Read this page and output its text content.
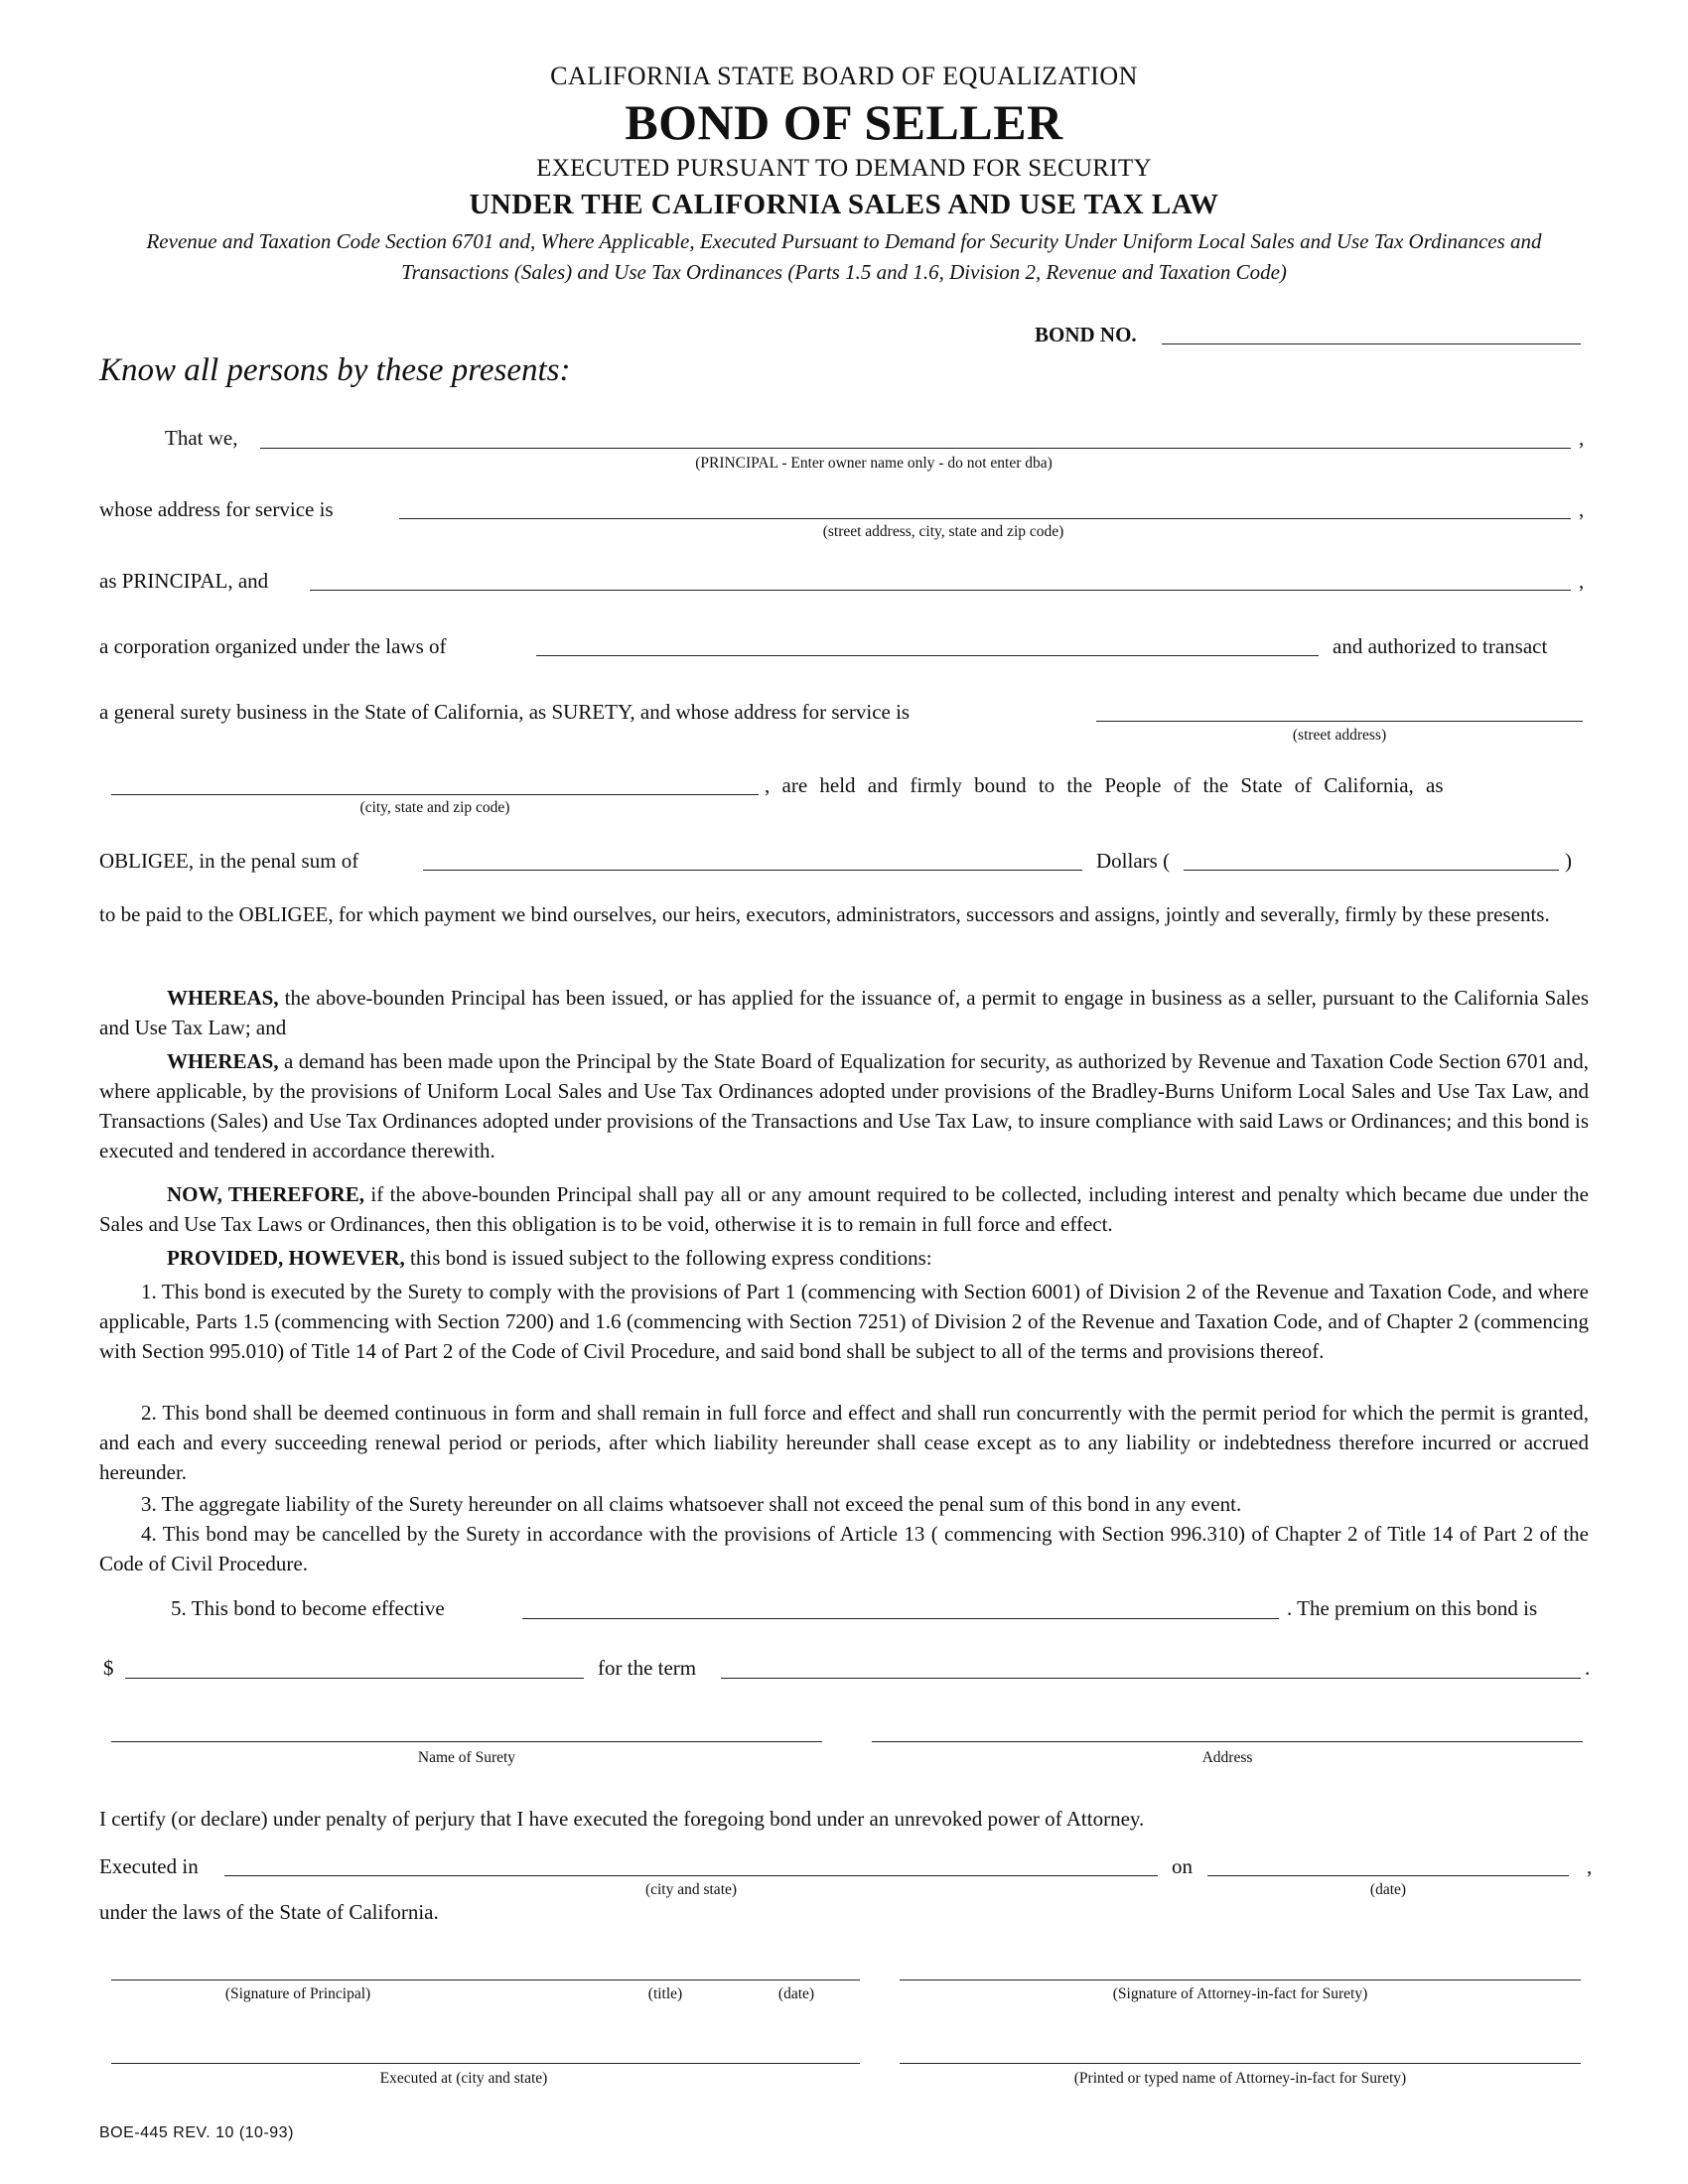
CALIFORNIA STATE BOARD OF EQUALIZATION
BOND OF SELLER
EXECUTED PURSUANT TO DEMAND FOR SECURITY
UNDER THE CALIFORNIA SALES AND USE TAX LAW
Revenue and Taxation Code Section 6701 and, Where Applicable, Executed Pursuant to Demand for Security Under Uniform Local Sales and Use Tax Ordinances and Transactions (Sales) and Use Tax Ordinances (Parts 1.5 and 1.6, Division 2, Revenue and Taxation Code)
BOND NO.
Know all persons by these presents:
That we,	,
(PRINCIPAL - Enter owner name only - do not enter dba)
whose address for service is	,
(street address, city, state and zip code)
as PRINCIPAL, and	,
a corporation organized under the laws of	and authorized to transact
a general surety business in the State of California, as SURETY, and whose address for service is
(street address)
, are held and firmly bound to the People of the State of California, as
(city, state and zip code)
OBLIGEE, in the penal sum of	Dollars (	)
to be paid to the OBLIGEE, for which payment we bind ourselves, our heirs, executors, administrators, successors and assigns, jointly and severally, firmly by these presents.
WHEREAS, the above-bounden Principal has been issued, or has applied for the issuance of, a permit to engage in business as a seller, pursuant to the California Sales and Use Tax Law; and
WHEREAS, a demand has been made upon the Principal by the State Board of Equalization for security, as authorized by Revenue and Taxation Code Section 6701 and, where applicable, by the provisions of Uniform Local Sales and Use Tax Ordinances adopted under provisions of the Bradley-Burns Uniform Local Sales and Use Tax Law, and Transactions (Sales) and Use Tax Ordinances adopted under provisions of the Transactions and Use Tax Law, to insure compliance with said Laws or Ordinances; and this bond is executed and tendered in accordance therewith.
NOW, THEREFORE, if the above-bounden Principal shall pay all or any amount required to be collected, including interest and penalty which became due under the Sales and Use Tax Laws or Ordinances, then this obligation is to be void, otherwise it is to remain in full force and effect.
PROVIDED, HOWEVER, this bond is issued subject to the following express conditions:
1. This bond is executed by the Surety to comply with the provisions of Part 1 (commencing with Section 6001) of Division 2 of the Revenue and Taxation Code, and where applicable, Parts 1.5 (commencing with Section 7200) and 1.6 (commencing with Section 7251) of Division 2 of the Revenue and Taxation Code, and of Chapter 2 (commencing with Section 995.010) of Title 14 of Part 2 of the Code of Civil Procedure, and said bond shall be subject to all of the terms and provisions thereof.
2. This bond shall be deemed continuous in form and shall remain in full force and effect and shall run concurrently with the permit period for which the permit is granted, and each and every succeeding renewal period or periods, after which liability hereunder shall cease except as to any liability or indebtedness therefore incurred or accrued hereunder.
3. The aggregate liability of the Surety hereunder on all claims whatsoever shall not exceed the penal sum of this bond in any event.
4. This bond may be cancelled by the Surety in accordance with the provisions of Article 13 ( commencing with Section 996.310) of Chapter 2 of Title 14 of Part 2 of the Code of Civil Procedure.
5. This bond to become effective	. The premium on this bond is
$	for the term	.
Name of Surety	Address
I certify (or declare) under penalty of perjury that I have executed the foregoing bond under an unrevoked power of Attorney.
Executed in	on	,
(city and state)	(date)
under the laws of the State of California.
(Signature of Principal)	(title)	(date)	(Signature of Attorney-in-fact for Surety)
Executed at (city and state)	(Printed or typed name of Attorney-in-fact for Surety)
BOE-445 REV. 10 (10-93)
